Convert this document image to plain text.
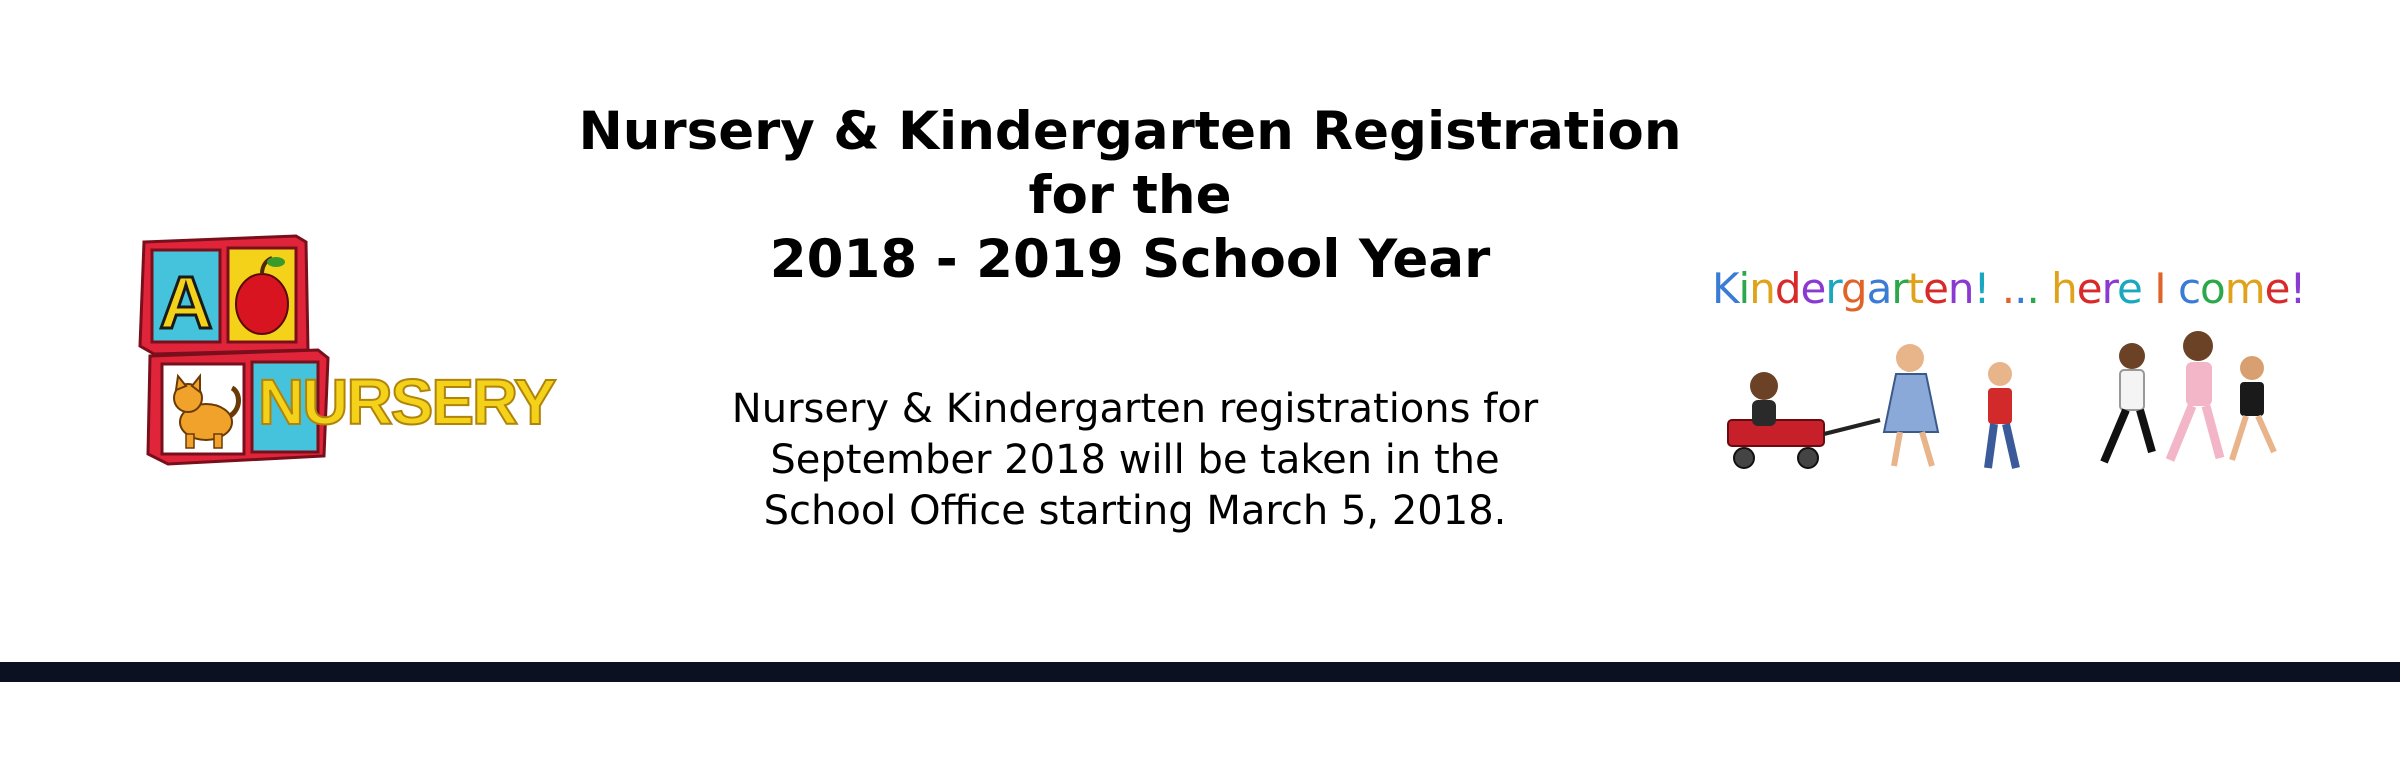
Nursery & Kindergarten Registration
for the
2018 - 2019 School Year
Nursery & Kindergarten registrations for
September 2018 will be taken in the
School Office starting March 5, 2018.
A
NURSERY
Kindergarten! ... here I come!
